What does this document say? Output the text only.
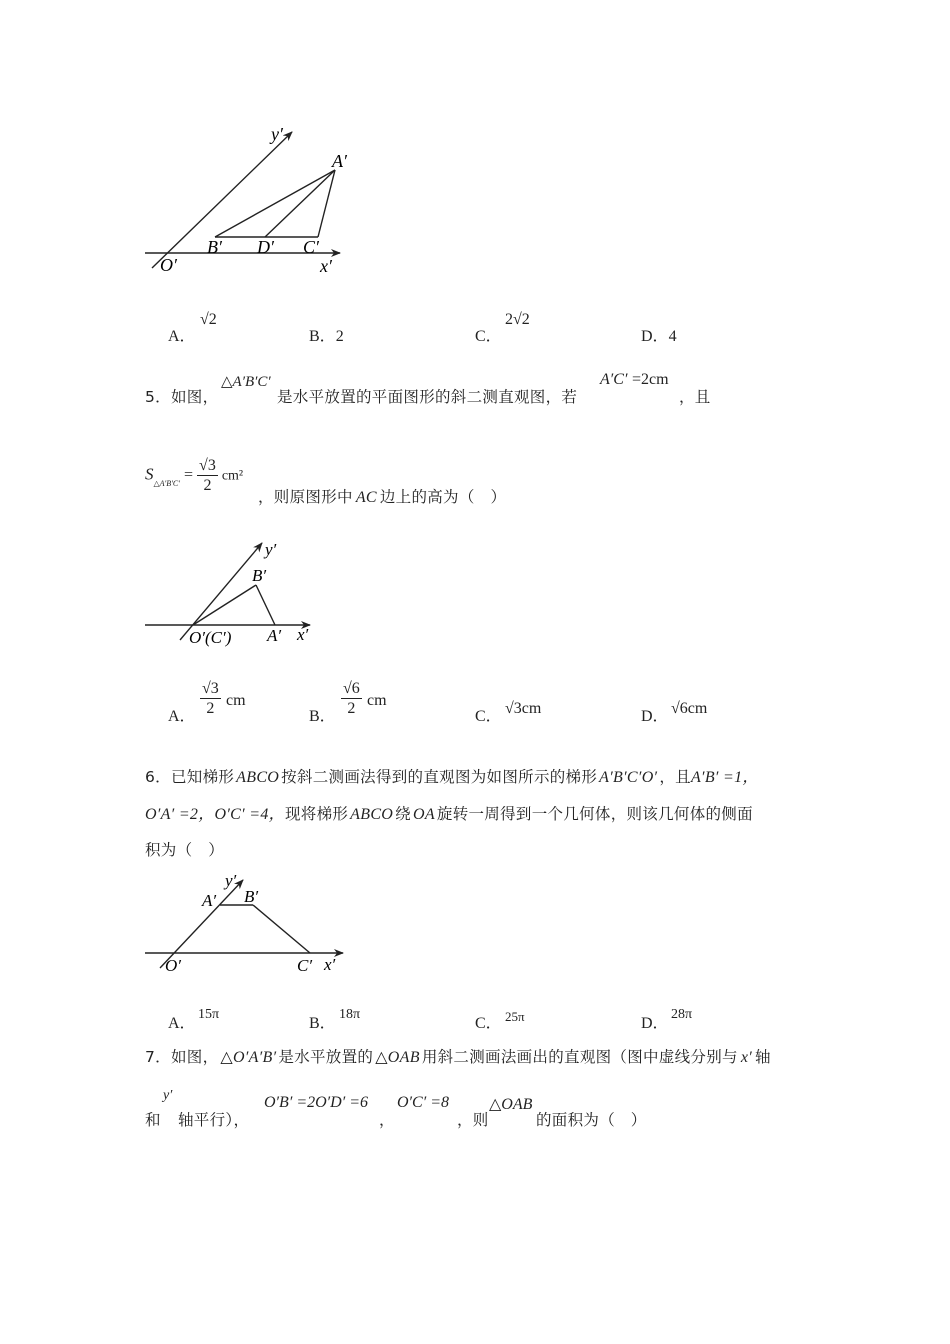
y′
A′
B′ D′ C′
O′	x′
A．
√2
B．2	C．
2√2
D．4
5．如图，
△A′B′C′
是水平放置的平面图形的斜二测直观图，若
A′C′ =2cm
，且
$S_{\triangle A'B'C'} = \frac{√3}{2} cm^2$
，则原图形中 AC 边上的高为（　）
y′
B′
O′(C′) A′ x′
A． $\frac{√3}{2}$ cm
B． $\frac{√6}{2}$ cm
C． √3cm	D． √6cm
6．已知梯形 ABCO 按斜二测画法得到的直观图为如图所示的梯形 A′B′C′O′ ，且A′B′ =1，
O′A′ =2，O′C′ =4，现将梯形 ABCO 绕 OA 旋转一周得到一个几何体，则该几何体的侧面
积为（　）
y′
A′ B′
O′	C′ x′
A．
15π
B．
18π
C． 25π	D．
28π
7．如图， △O′A′B′ 是水平放置的 △OAB 用斜二测画法画出的直观图（图中虚线分别与 x′ 轴
和
y′
轴平行），
O′B′ =2O′D′ =6
，
O′C′ =8
，则
△OAB
的面积为（　）
